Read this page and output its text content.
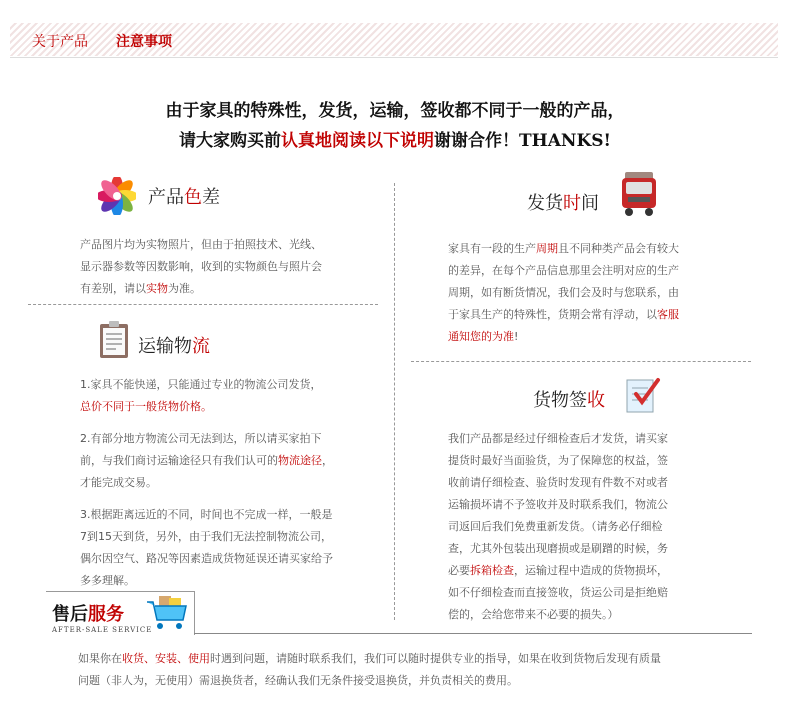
关于产品 注意事项
由于家具的特殊性，发货，运输，签收都不同于一般的产品，
请大家购买前认真地阅读以下说明谢谢合作！THANKS!
产品色差
产品图片均为实物照片，但由于拍照技术、光线、
显示器参数等因数影响，收到的实物颜色与照片会
有差别，请以实物为准。
发货时间
家具有一段的生产周期且不同种类产品会有较大
的差异，在每个产品信息那里会注明对应的生产
周期，如有断货情况，我们会及时与您联系，由
于家具生产的特殊性，货期会常有浮动，以客服
通知您的为准!
运输物流
1.家具不能快递，只能通过专业的物流公司发货，
总价不同于一般货物价格。
2.有部分地方物流公司无法到达，所以请买家拍下
前，与我们商讨运输途径只有我们认可的物流途径，
才能完成交易。
3.根据距离远近的不同，时间也不完成一样，一般是
7到15天到货，另外，由于我们无法控制物流公司，
偶尔因空气、路况等因素造成货物延误还请买家给予
多多理解。
货物签收
我们产品都是经过仔细检查后才发货，请买家
提货时最好当面验货，为了保障您的权益，签
收前请仔细检查、验货时发现有件数不对或者
运输损坏请不予签收并及时联系我们，物流公
司返回后我们免费重新发货。（请务必仔细检
查，尤其外包装出现磨损或是刷蹭的时候，务
必要拆箱检查，运输过程中造成的货物损坏，
如不仔细检查而直接签收，货运公司是拒绝赔
偿的，会给您带来不必要的损失。）
售后服务
AFTER-SALE SERVICE
如果你在收货、安装、使用时遇到问题，请随时联系我们，我们可以随时提供专业的指导，如果在收到货物后发现有质量
问题（非人为，无使用）需退换货者，经确认我们无条件接受退换货，并负责相关的费用。
